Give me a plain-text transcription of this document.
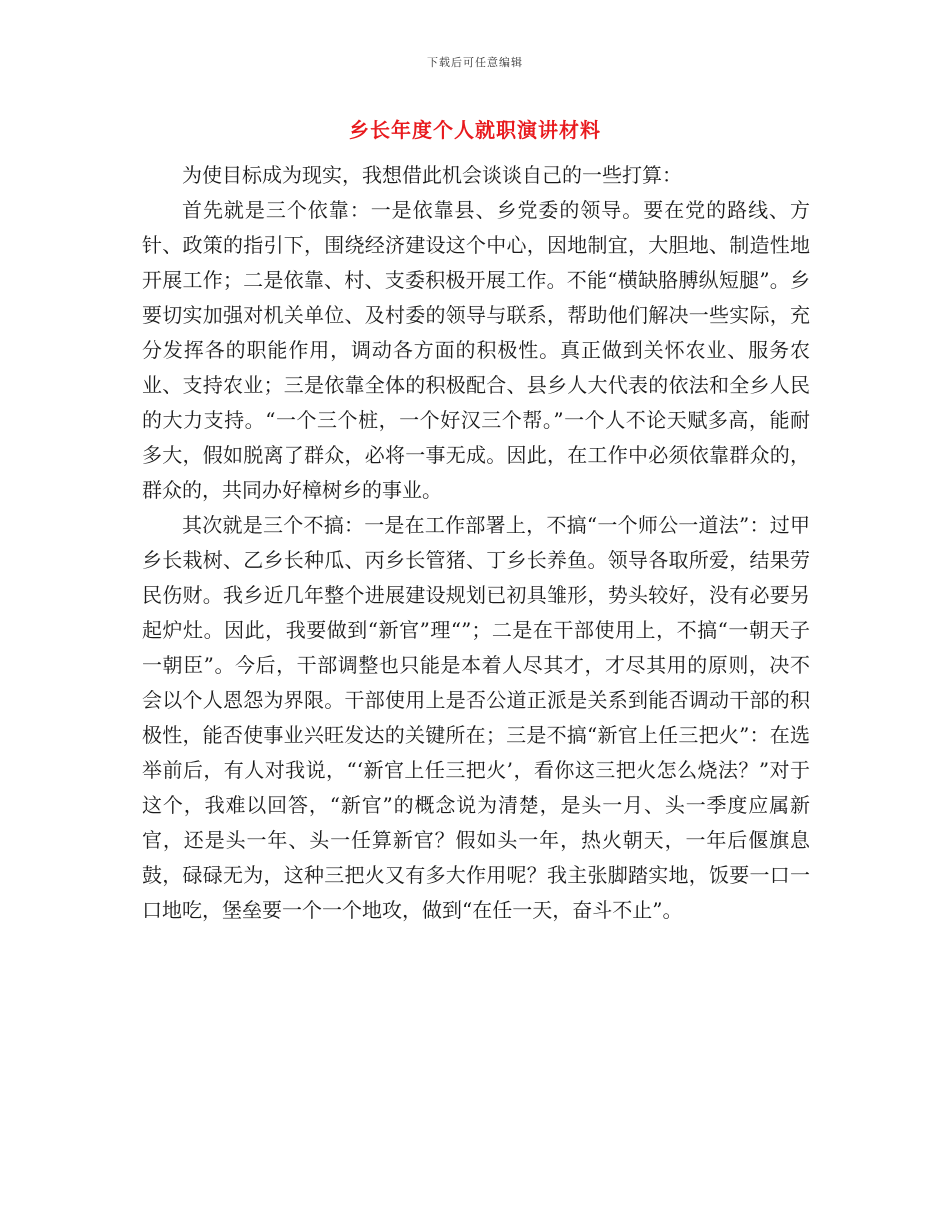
下载后可任意编辑
乡长年度个人就职演讲材料

为使目标成为现实，我想借此机会谈谈自己的一些打算：

首先就是三个依靠：一是依靠县、乡党委的领导。要在党的路线、方针、政策的指引下，围绕经济建设这个中心，因地制宜，大胆地、制造性地开展工作；二是依靠、村、支委积极开展工作。不能“横缺胳膊纵短腿”。乡要切实加强对机关单位、及村委的领导与联系，帮助他们解决一些实际，充分发挥各的职能作用，调动各方面的积极性。真正做到关怀农业、服务农业、支持农业；三是依靠全体的积极配合、县乡人大代表的依法和全乡人民的大力支持。“一个三个桩，一个好汉三个帮。”一个人不论天赋多高，能耐多大，假如脱离了群众，必将一事无成。因此，在工作中必须依靠群众的，群众的，共同办好樟树乡的事业。

其次就是三个不搞：一是在工作部署上，不搞“一个师公一道法”：过甲乡长栽树、乙乡长种瓜、丙乡长管猪、丁乡长养鱼。领导各取所爱，结果劳民伤财。我乡近几年整个进展建设规划已初具雏形，势头较好，没有必要另起炉灶。因此，我要做到“新官”理“”；二是在干部使用上，不搞“一朝天子一朝臣”。今后，干部调整也只能是本着人尽其才，才尽其用的原则，决不会以个人恩怨为界限。干部使用上是否公道正派是关系到能否调动干部的积极性，能否使事业兴旺发达的关键所在；三是不搞“新官上任三把火”：在选举前后，有人对我说，“‘新官上任三把火’，看你这三把火怎么烧法？”对于这个，我难以回答，“新官”的概念说为清楚，是头一月、头一季度应属新官，还是头一年、头一任算新官？假如头一年，热火朝天，一年后偃旗息鼓，碌碌无为，这种三把火又有多大作用呢？我主张脚踏实地，饭要一口一口地吃，堡垒要一个一个地攻，做到“在任一天，奋斗不止”。
